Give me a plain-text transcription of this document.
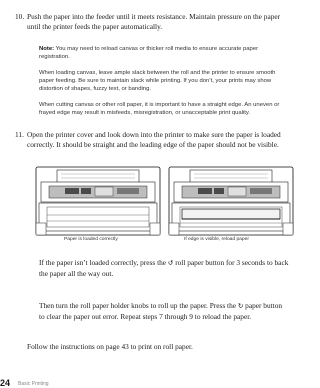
10. Push the paper into the feeder until it meets resistance. Maintain pressure on the paper until the printer feeds the paper automatically.
Note: You may need to reload canvas or thicker roll media to ensure accurate paper registration.
When loading canvas, leave ample slack between the roll and the printer to ensure smooth paper feeding. Be sure to maintain slack while printing. If you don’t, your prints may show distortion of shapes, fuzzy text, or banding.
When cutting canvas or other roll paper, it is important to have a straight edge. An uneven or frayed edge may result in misfeeds, misregistration, or unacceptable print quality.
11. Open the printer cover and look down into the printer to make sure the paper is loaded correctly. It should be straight and the leading edge of the paper should not be visible.
Paper is loaded correctly	If edge is visible, reload paper
If the paper isn’t loaded correctly, press the ↺ roll paper button for 3 seconds to back the paper all the way out.
Then turn the roll paper holder knobs to roll up the paper. Press the ↻ paper button to clear the paper out error. Repeat steps 7 through 9 to reload the paper.
Follow the instructions on page 43 to print on roll paper.
24 Basic Printing
